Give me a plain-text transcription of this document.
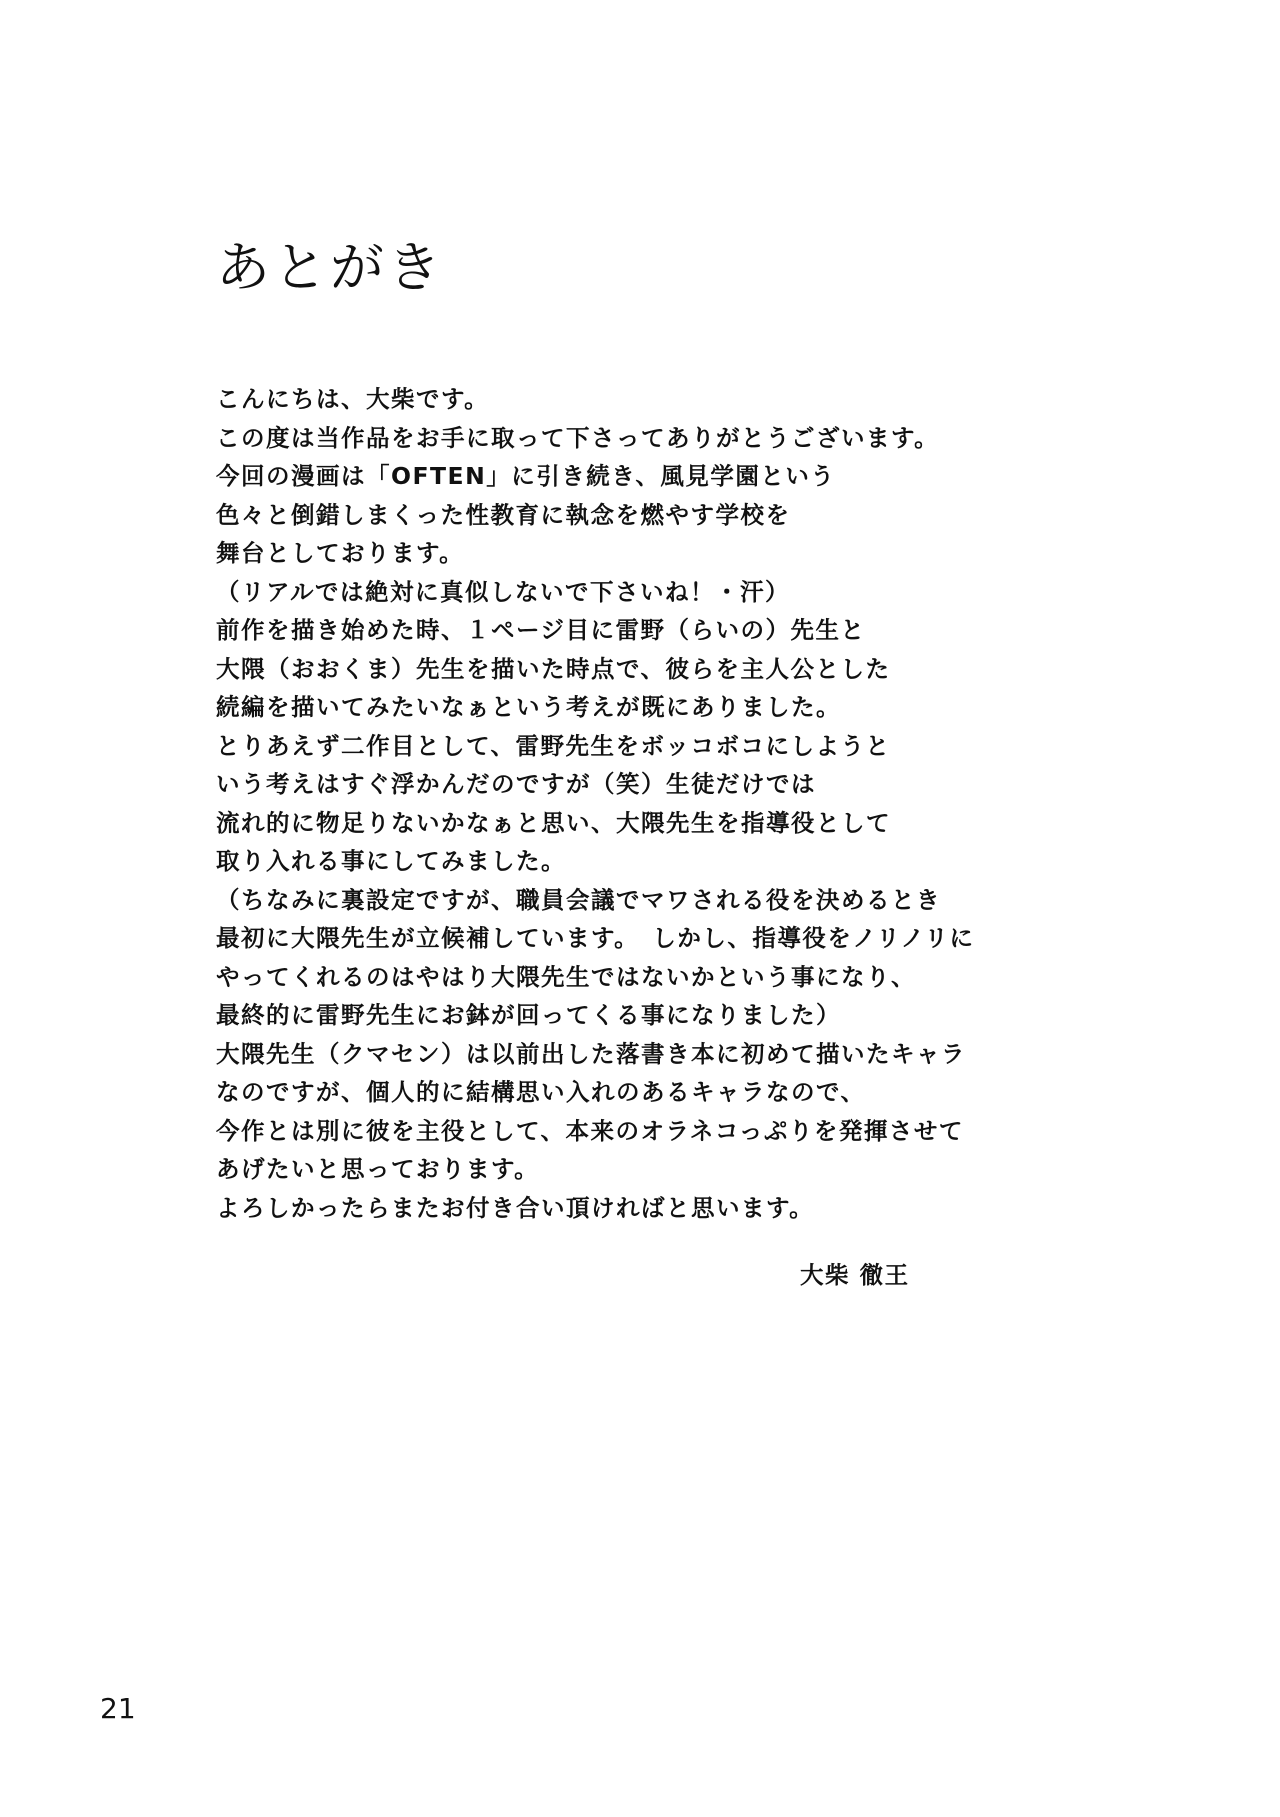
あとがき
こんにちは、大柴です。
この度は当作品をお手に取って下さってありがとうございます。
今回の漫画は「OFTEN」に引き続き、風見学園という
色々と倒錯しまくった性教育に執念を燃やす学校を
舞台としております。
（リアルでは絶対に真似しないで下さいね！・汗）
前作を描き始めた時、１ページ目に雷野（らいの）先生と
大隈（おおくま）先生を描いた時点で、彼らを主人公とした
続編を描いてみたいなぁという考えが既にありました。
とりあえず二作目として、雷野先生をボッコボコにしようと
いう考えはすぐ浮かんだのですが（笑）生徒だけでは
流れ的に物足りないかなぁと思い、大隈先生を指導役として
取り入れる事にしてみました。
（ちなみに裏設定ですが、職員会議でマワされる役を決めるとき
最初に大隈先生が立候補しています。　しかし、指導役をノリノリに
やってくれるのはやはり大隈先生ではないかという事になり、
最終的に雷野先生にお鉢が回ってくる事になりました）
大隈先生（クマセン）は以前出した落書き本に初めて描いたキャラ
なのですが、個人的に結構思い入れのあるキャラなので、
今作とは別に彼を主役として、本来のオラネコっぷりを発揮させて
あげたいと思っております。
よろしかったらまたお付き合い頂ければと思います。
大柴 徹王
21
